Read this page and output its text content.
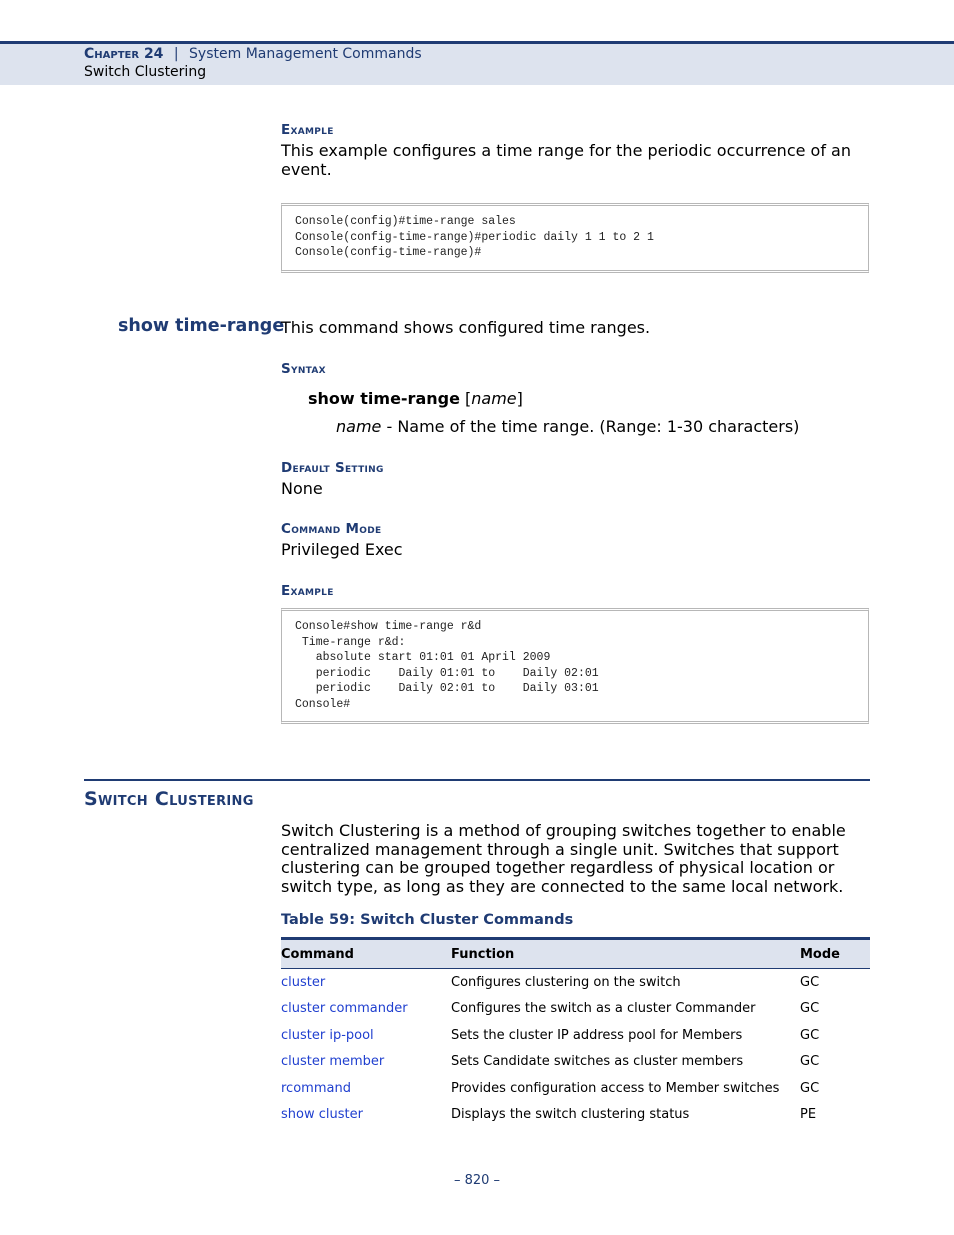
Chapter 24 | System Management Commands
Switch Clustering
Example
This example configures a time range for the periodic occurrence of an event.
Console(config)#time-range sales
Console(config-time-range)#periodic daily 1 1 to 2 1
Console(config-time-range)#
show time-range
This command shows configured time ranges.
Syntax
show time-range [name]
name - Name of the time range. (Range: 1-30 characters)
Default Setting
None
Command Mode
Privileged Exec
Example
Console#show time-range r&d
Time-range r&d:
absolute start 01:01 01 April 2009
periodic    Daily 01:01 to    Daily 02:01
periodic    Daily 02:01 to    Daily 03:01
Console#
Switch Clustering
Switch Clustering is a method of grouping switches together to enable centralized management through a single unit. Switches that support clustering can be grouped together regardless of physical location or switch type, as long as they are connected to the same local network.
Table 59: Switch Cluster Commands
Command	Function	Mode
cluster	Configures clustering on the switch	GC
cluster commander	Configures the switch as a cluster Commander	GC
cluster ip-pool	Sets the cluster IP address pool for Members	GC
cluster member	Sets Candidate switches as cluster members	GC
rcommand	Provides configuration access to Member switches	GC
show cluster	Displays the switch clustering status	PE
– 820 –
